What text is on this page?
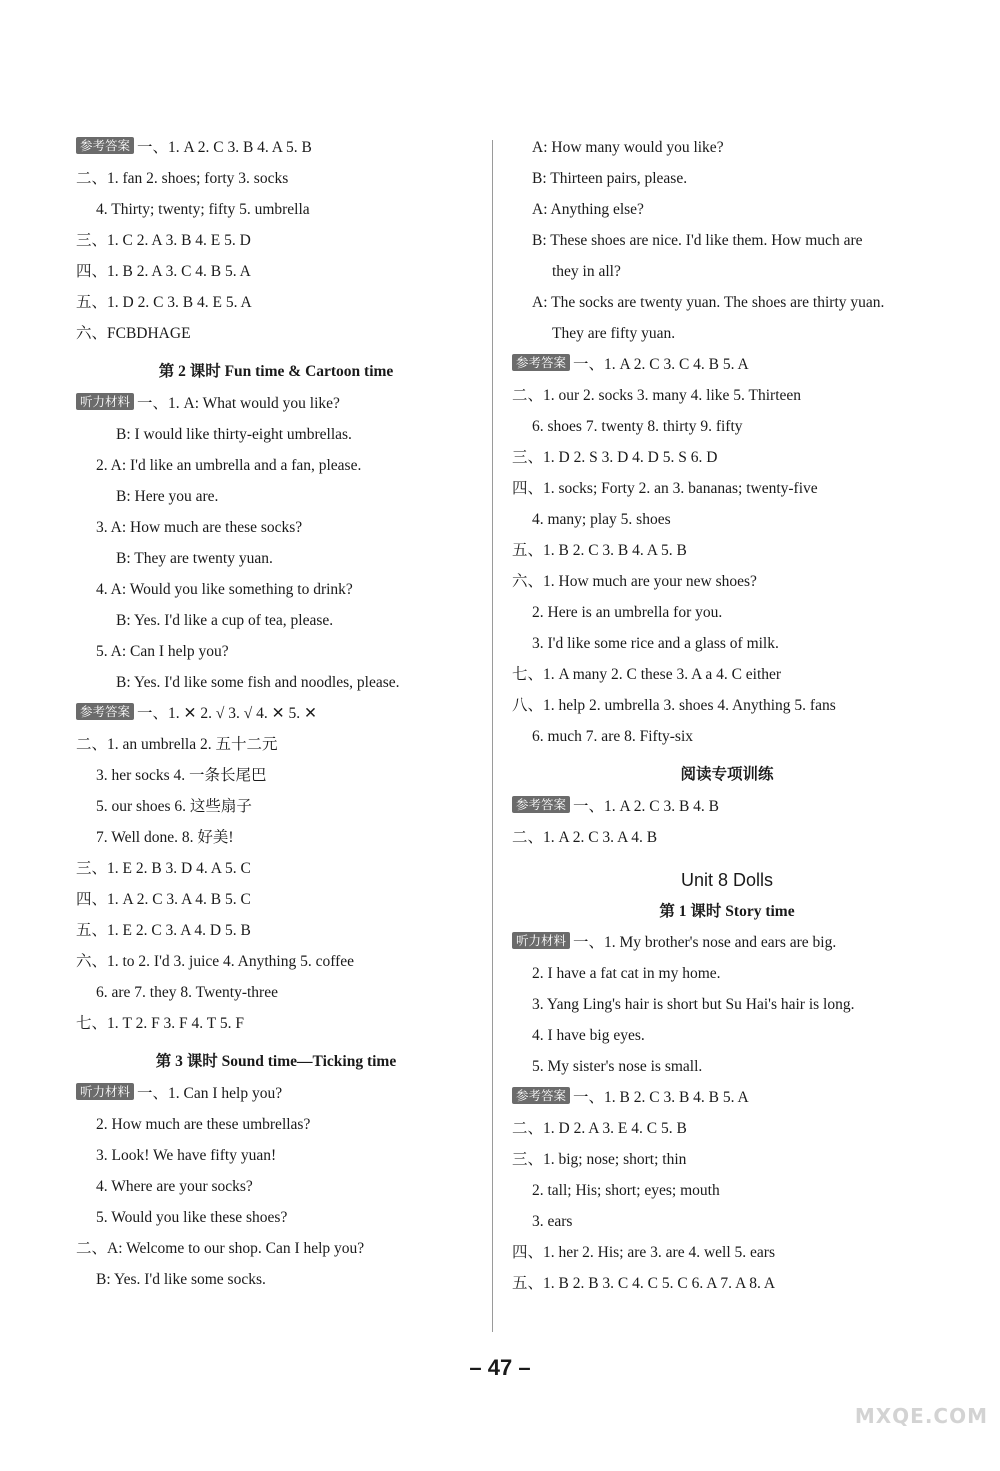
参考答案 一、1. A 2. C 3. B 4. A 5. B
二、1. fan 2. shoes; forty 3. socks
4. Thirty; twenty; fifty 5. umbrella
三、1. C 2. A 3. B 4. E 5. D
四、1. B 2. A 3. C 4. B 5. A
五、1. D 2. C 3. B 4. E 5. A
六、FCBDHAGE
第 2 课时 Fun time & Cartoon time
听力材料 一、1. A: What would you like?
B: I would like thirty-eight umbrellas.
2. A: I'd like an umbrella and a fan, please.
B: Here you are.
3. A: How much are these socks?
B: They are twenty yuan.
4. A: Would you like something to drink?
B: Yes. I'd like a cup of tea, please.
5. A: Can I help you?
B: Yes. I'd like some fish and noodles, please.
参考答案 一、1. ✕ 2. √ 3. √ 4. ✕ 5. ✕
二、1. an umbrella 2. 五十二元
3. her socks 4. 一条长尾巴
5. our shoes 6. 这些扇子
7. Well done. 8. 好美!
三、1. E 2. B 3. D 4. A 5. C
四、1. A 2. C 3. A 4. B 5. C
五、1. E 2. C 3. A 4. D 5. B
六、1. to 2. I'd 3. juice 4. Anything 5. coffee
6. are 7. they 8. Twenty-three
七、1. T 2. F 3. F 4. T 5. F
第 3 课时 Sound time—Ticking time
听力材料 一、1. Can I help you?
2. How much are these umbrellas?
3. Look! We have fifty yuan!
4. Where are your socks?
5. Would you like these shoes?
二、A: Welcome to our shop. Can I help you?
B: Yes. I'd like some socks.
A: How many would you like?
B: Thirteen pairs, please.
A: Anything else?
B: These shoes are nice. I'd like them. How much are
they in all?
A: The socks are twenty yuan. The shoes are thirty yuan.
They are fifty yuan.
参考答案 一、1. A 2. C 3. C 4. B 5. A
二、1. our 2. socks 3. many 4. like 5. Thirteen
6. shoes 7. twenty 8. thirty 9. fifty
三、1. D 2. S 3. D 4. D 5. S 6. D
四、1. socks; Forty 2. an 3. bananas; twenty-five
4. many; play 5. shoes
五、1. B 2. C 3. B 4. A 5. B
六、1. How much are your new shoes?
2. Here is an umbrella for you.
3. I'd like some rice and a glass of milk.
七、1. A many 2. C these 3. A a 4. C either
八、1. help 2. umbrella 3. shoes 4. Anything 5. fans
6. much 7. are 8. Fifty-six
阅读专项训练
参考答案 一、1. A 2. C 3. B 4. B
二、1. A 2. C 3. A 4. B
Unit 8 Dolls
第 1 课时 Story time
听力材料 一、1. My brother's nose and ears are big.
2. I have a fat cat in my home.
3. Yang Ling's hair is short but Su Hai's hair is long.
4. I have big eyes.
5. My sister's nose is small.
参考答案 一、1. B 2. C 3. B 4. B 5. A
二、1. D 2. A 3. E 4. C 5. B
三、1. big; nose; short; thin
2. tall; His; short; eyes; mouth
3. ears
四、1. her 2. His; are 3. are 4. well 5. ears
五、1. B 2. B 3. C 4. C 5. C 6. A 7. A 8. A
– 47 –
MXQE.COM
